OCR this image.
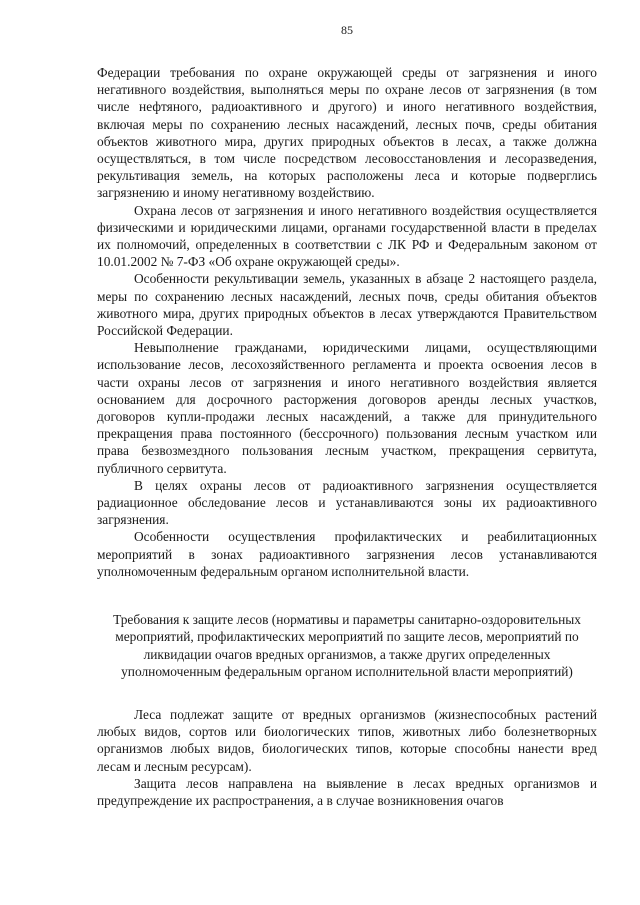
85

Федерации требования по охране окружающей среды от загрязнения и иного негативного воздействия, выполняться меры по охране лесов от загрязнения (в том числе нефтяного, радиоактивного и другого) и иного негативного воздействия, включая меры по сохранению лесных насаждений, лесных почв, среды обитания объектов животного мира, других природных объектов в лесах, а также должна осуществляться, в том числе посредством лесовосстановления и лесоразведения, рекультивация земель, на которых расположены леса и которые подверглись загрязнению и иному негативному воздействию.

Охрана лесов от загрязнения и иного негативного воздействия осуществляется физическими и юридическими лицами, органами государственной власти в пределах их полномочий, определенных в соответствии с ЛК РФ и Федеральным законом от 10.01.2002 № 7-ФЗ «Об охране окружающей среды».

Особенности рекультивации земель, указанных в абзаце 2 настоящего раздела, меры по сохранению лесных насаждений, лесных почв, среды обитания объектов животного мира, других природных объектов в лесах утверждаются Правительством Российской Федерации.

Невыполнение гражданами, юридическими лицами, осуществляющими использование лесов, лесохозяйственного регламента и проекта освоения лесов в части охраны лесов от загрязнения и иного негативного воздействия является основанием для досрочного расторжения договоров аренды лесных участков, договоров купли-продажи лесных насаждений, а также для принудительного прекращения права постоянного (бессрочного) пользования лесным участком или права безвозмездного пользования лесным участком, прекращения сервитута, публичного сервитута.

В целях охраны лесов от радиоактивного загрязнения осуществляется радиационное обследование лесов и устанавливаются зоны их радиоактивного загрязнения.

Особенности осуществления профилактических и реабилитационных мероприятий в зонах радиоактивного загрязнения лесов устанавливаются уполномоченным федеральным органом исполнительной власти.

Требования к защите лесов (нормативы и параметры санитарно-оздоровительных мероприятий, профилактических мероприятий по защите лесов, мероприятий по ликвидации очагов вредных организмов, а также других определенных уполномоченным федеральным органом исполнительной власти мероприятий)

Леса подлежат защите от вредных организмов (жизнеспособных растений любых видов, сортов или биологических типов, животных либо болезнетворных организмов любых видов, биологических типов, которые способны нанести вред лесам и лесным ресурсам).

Защита лесов направлена на выявление в лесах вредных организмов и предупреждение их распространения, а в случае возникновения очагов
